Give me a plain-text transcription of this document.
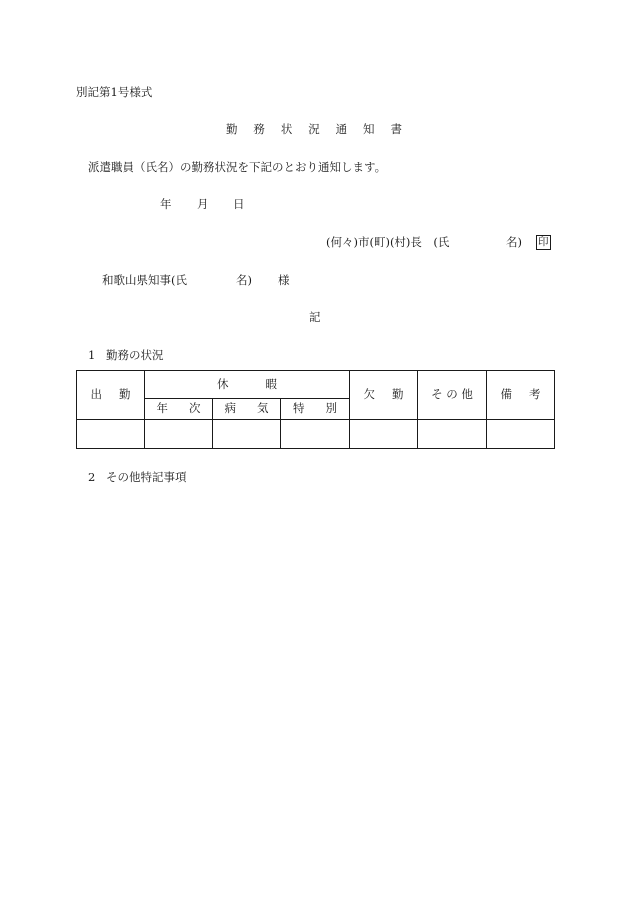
別記第1号様式
勤 務 状 況 通 知 書
派遣職員（氏名）の勤務状況を下記のとおり通知します。
年 月 日
(何々)市(町)(村)長　(氏	名) 印
和歌山県知事(氏	名) 様
記
1 勤務の状況
出 勤	休 暇			欠 勤	そ の 他	備 考

	年 次	病 気	特 別			

2 その他特記事項
